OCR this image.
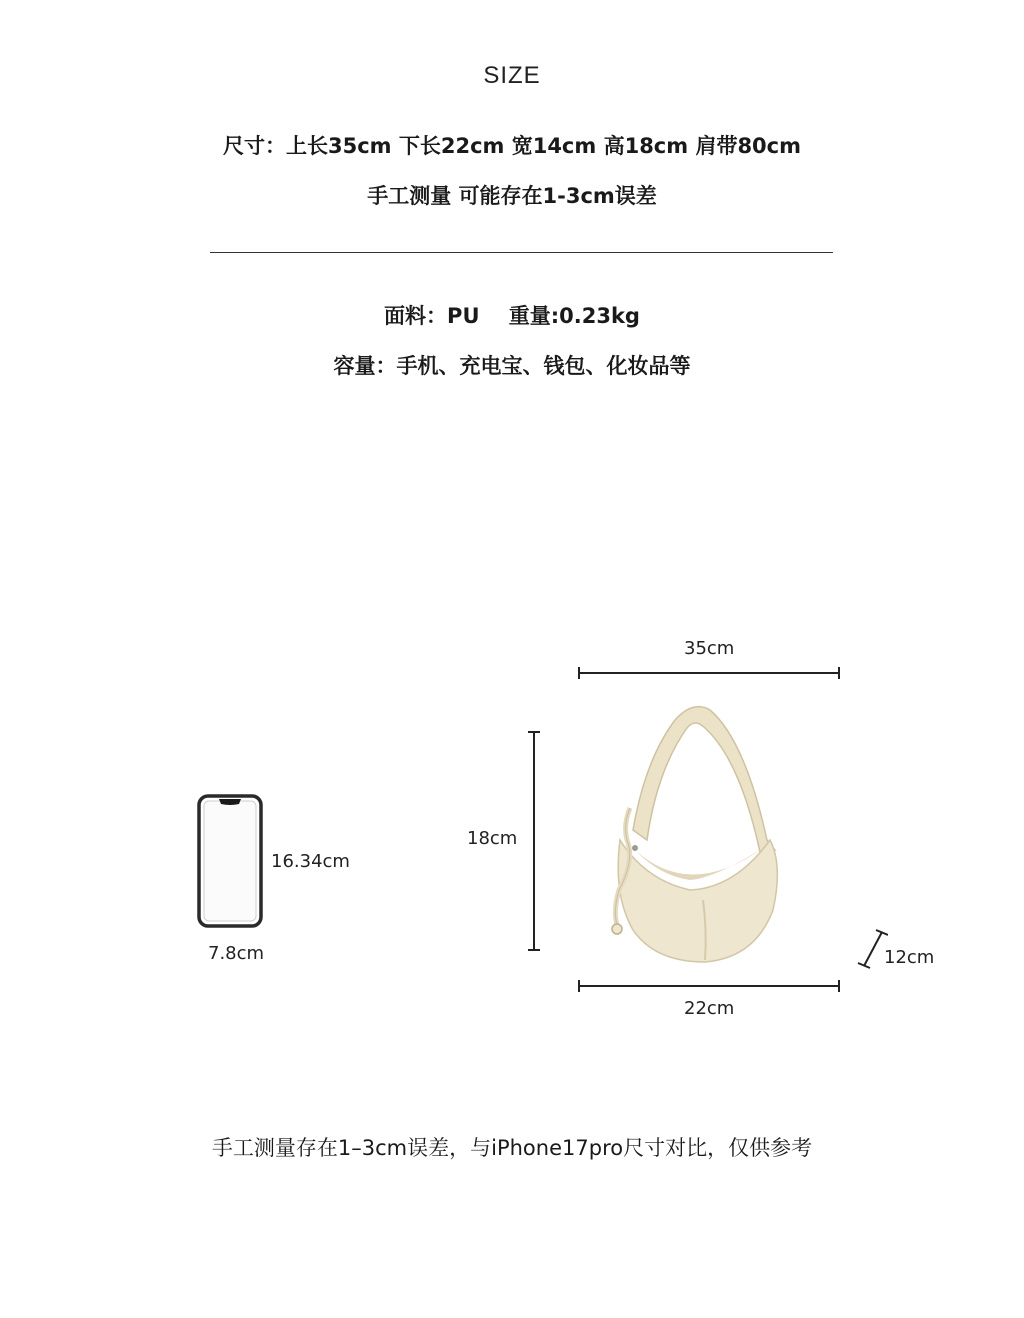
SIZE
尺寸：上长35cm 下长22cm 宽14cm 高18cm 肩带80cm
手工测量 可能存在1-3cm误差
面料：PU    重量:0.23kg
容量：手机、充电宝、钱包、化妆品等
16.34cm
7.8cm
35cm
18cm
12cm
22cm
手工测量存在1–3cm误差，与iPhone17pro尺寸对比，仅供参考
